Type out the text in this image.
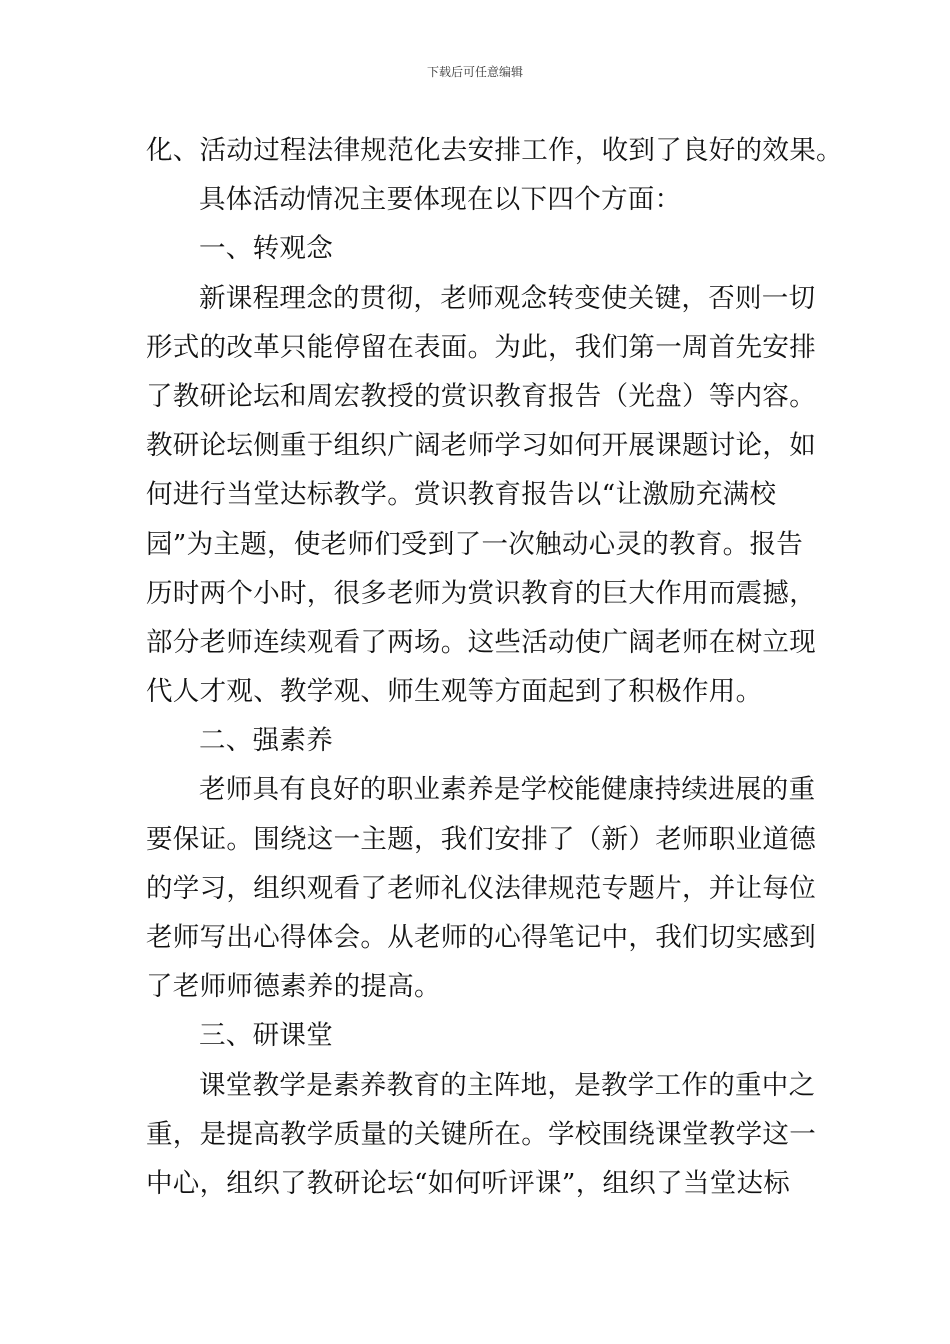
下载后可任意编辑
化、活动过程法律规范化去安排工作，收到了良好的效果。
具体活动情况主要体现在以下四个方面：
一、转观念
新课程理念的贯彻，老师观念转变使关键，否则一切
形式的改革只能停留在表面。为此，我们第一周首先安排
了教研论坛和周宏教授的赏识教育报告（光盘）等内容。
教研论坛侧重于组织广阔老师学习如何开展课题讨论，如
何进行当堂达标教学。赏识教育报告以“让激励充满校
园”为主题，使老师们受到了一次触动心灵的教育。报告
历时两个小时，很多老师为赏识教育的巨大作用而震撼，
部分老师连续观看了两场。这些活动使广阔老师在树立现
代人才观、教学观、师生观等方面起到了积极作用。
二、强素养
老师具有良好的职业素养是学校能健康持续进展的重
要保证。围绕这一主题，我们安排了（新）老师职业道德
的学习，组织观看了老师礼仪法律规范专题片，并让每位
老师写出心得体会。从老师的心得笔记中，我们切实感到
了老师师德素养的提高。
三、研课堂
课堂教学是素养教育的主阵地，是教学工作的重中之
重，是提高教学质量的关键所在。学校围绕课堂教学这一
中心，组织了教研论坛“如何听评课”，组织了当堂达标
